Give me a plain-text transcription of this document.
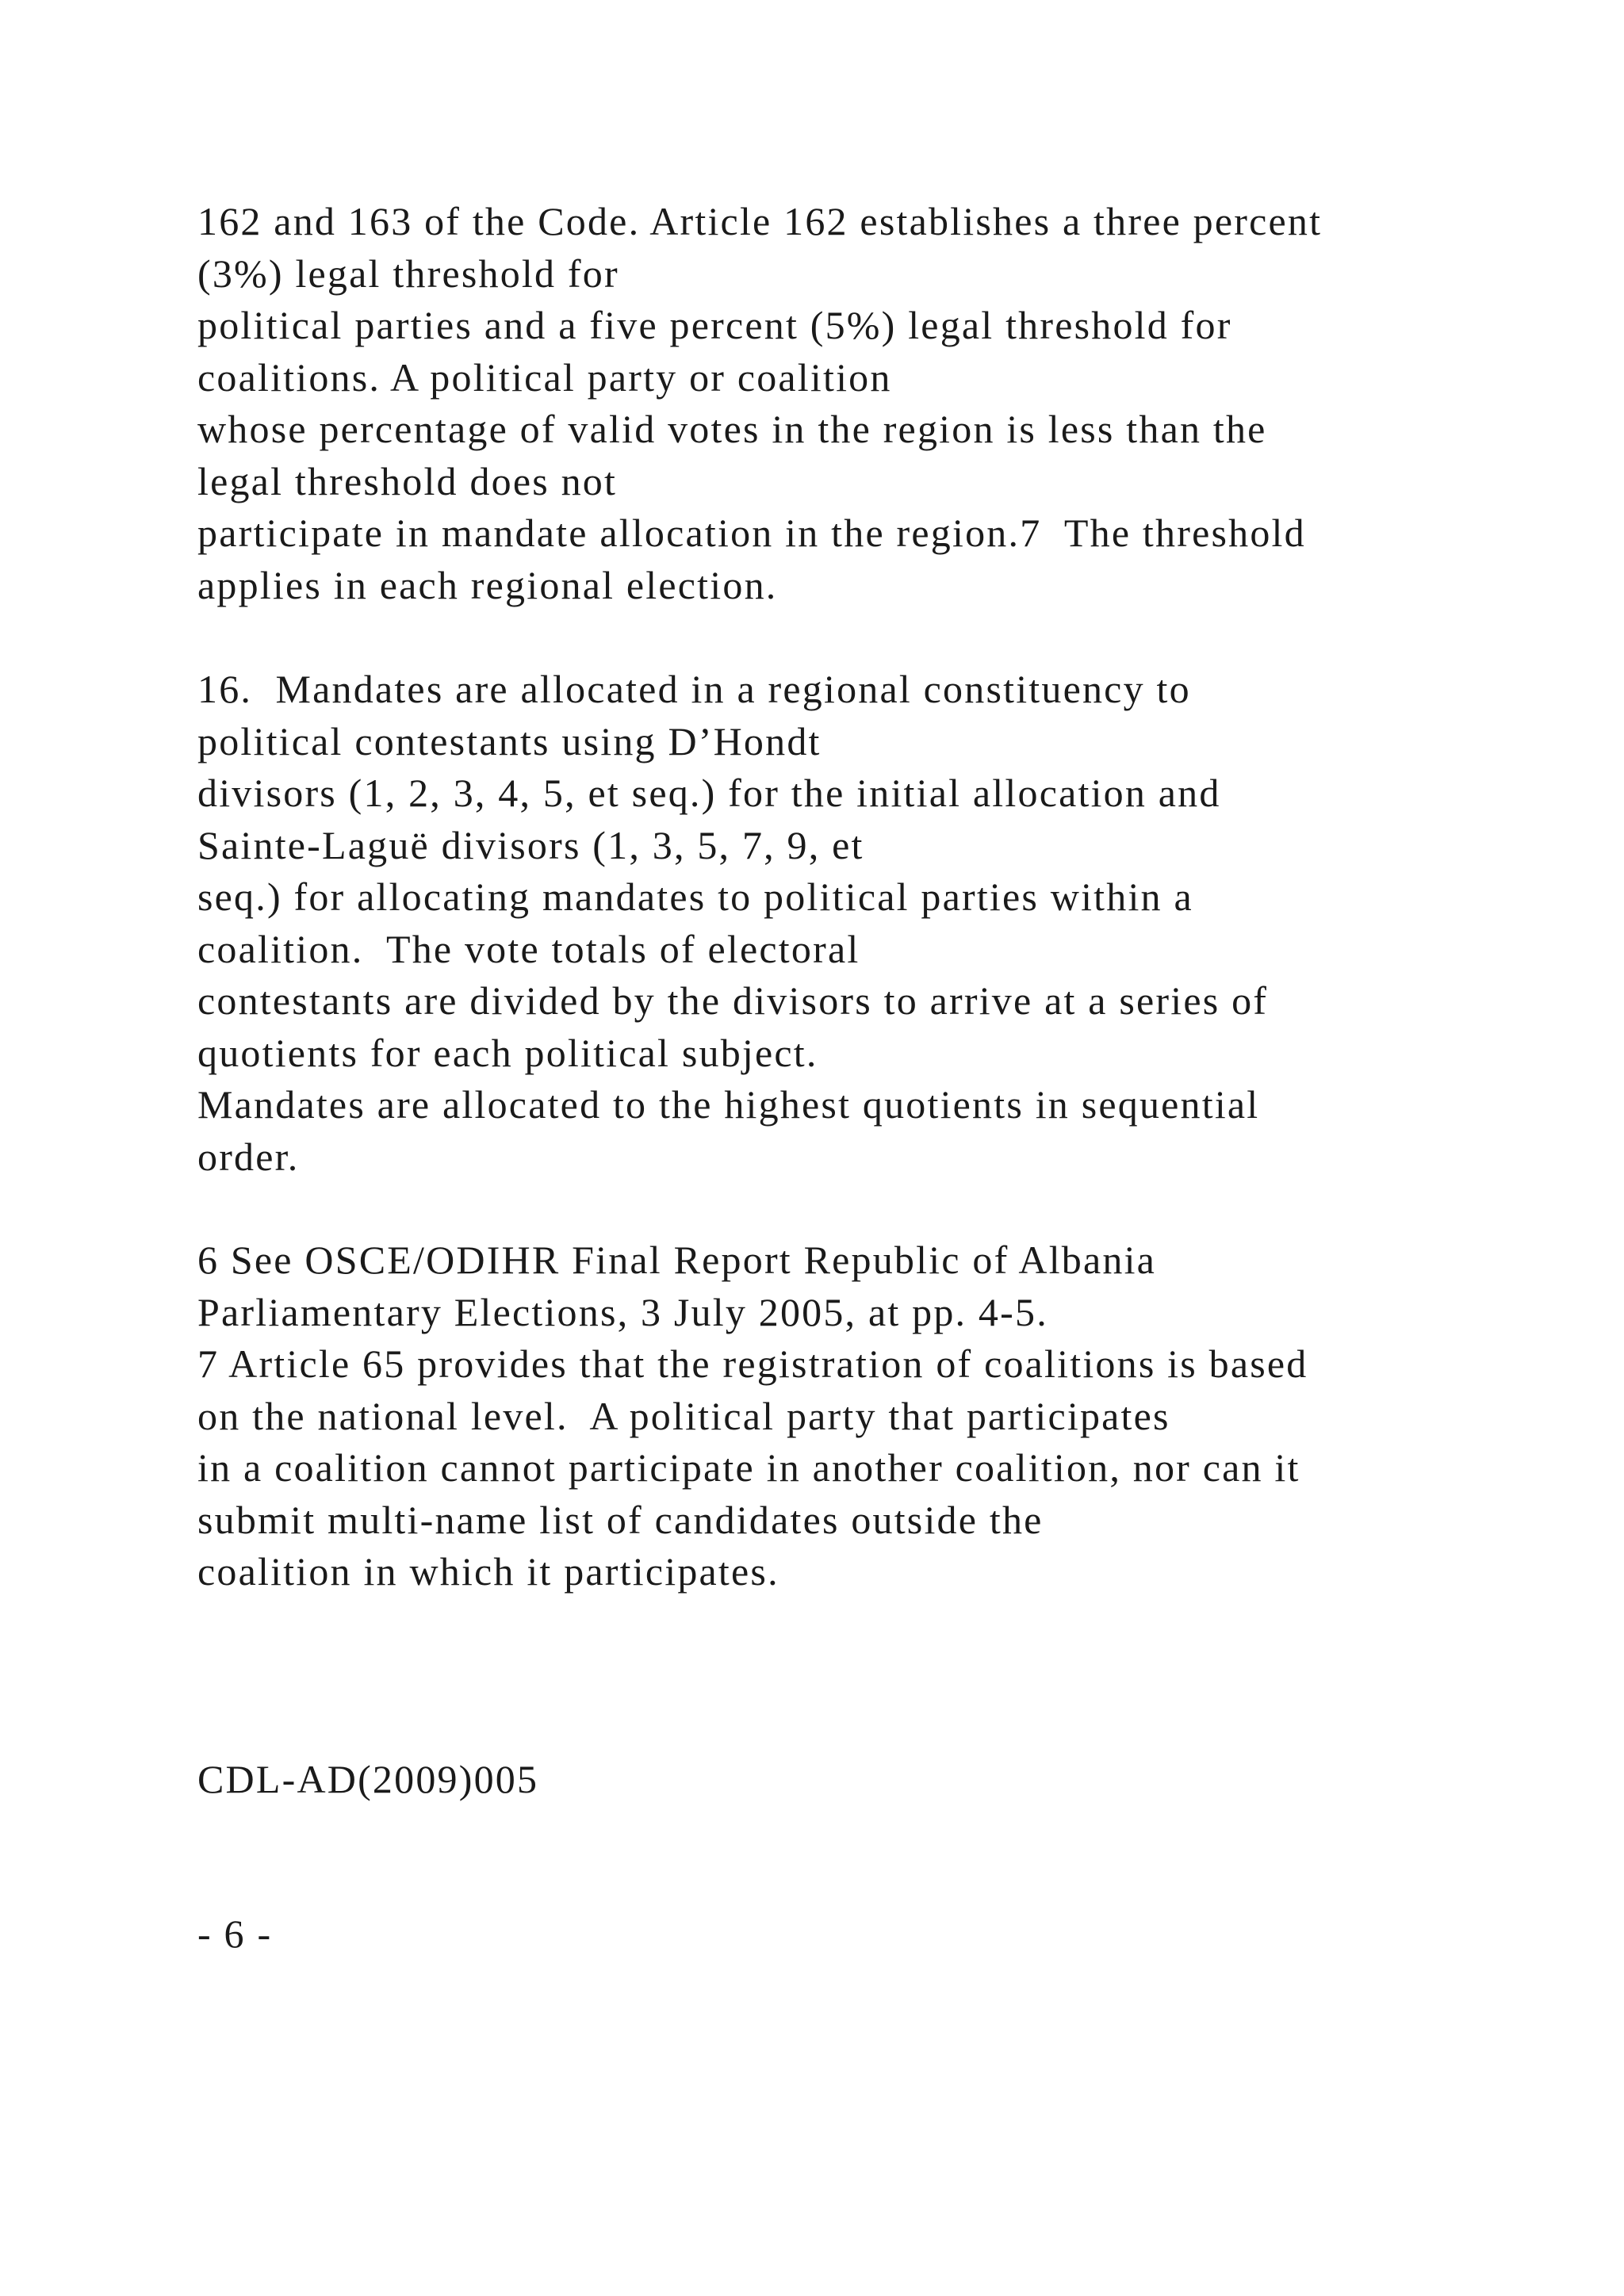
162 and 163 of the Code. Article 162 establishes a three percent
(3%) legal threshold for
political parties and a five percent (5%) legal threshold for
coalitions. A political party or coalition
whose percentage of valid votes in the region is less than the
legal threshold does not
participate in mandate allocation in the region.7  The threshold
applies in each regional election.
16.  Mandates are allocated in a regional constituency to
political contestants using D’Hondt
divisors (1, 2, 3, 4, 5, et seq.) for the initial allocation and
Sainte-Laguë divisors (1, 3, 5, 7, 9, et
seq.) for allocating mandates to political parties within a
coalition.  The vote totals of electoral
contestants are divided by the divisors to arrive at a series of
quotients for each political subject.
Mandates are allocated to the highest quotients in sequential
order.
6 See OSCE/ODIHR Final Report Republic of Albania
Parliamentary Elections, 3 July 2005, at pp. 4-5.
7 Article 65 provides that the registration of coalitions is based
on the national level.  A political party that participates
in a coalition cannot participate in another coalition, nor can it
submit multi-name list of candidates outside the
coalition in which it participates.
CDL-AD(2009)005
- 6 -
